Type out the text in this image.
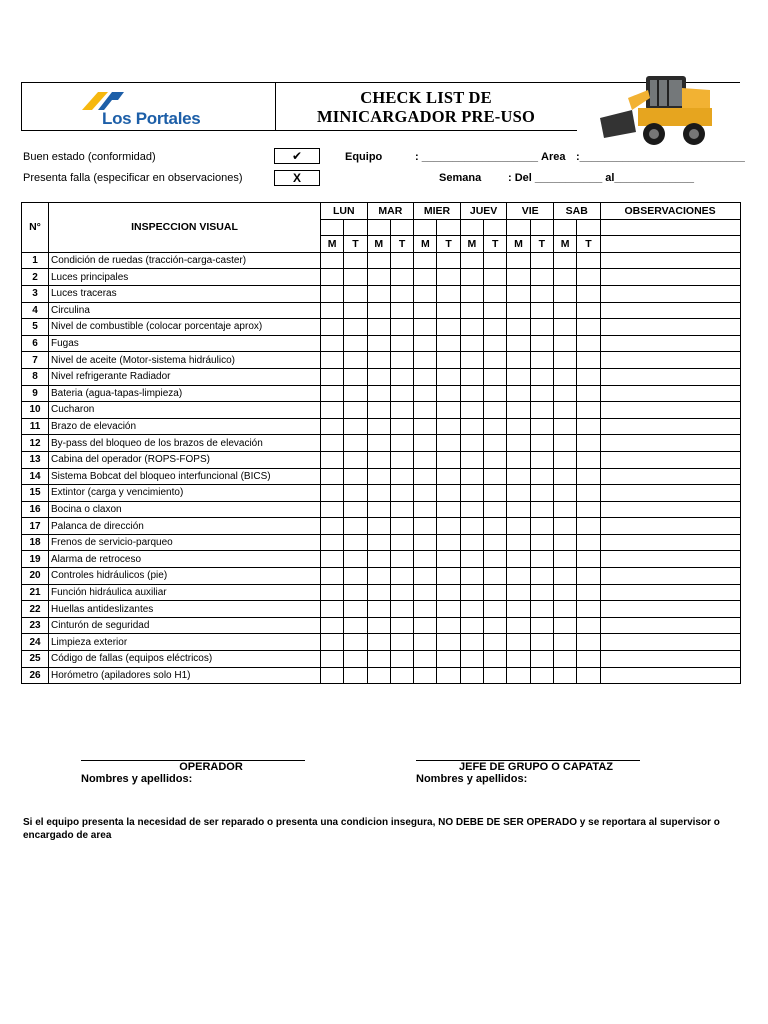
Los Portales
CHECK LIST DE
MINICARGADOR PRE-USO
Buen estado (conformidad)	✔
Presenta falla (especificar en observaciones)	X
Equipo	: ___________________ Area :___________________________
Semana : Del ___________ al_____________
N°	INSPECCION VISUAL	LUN		MAR		MIER		JUEV		VIE		SAB		OBSERVACIONES

		M	T	M	T	M	T	M	T	M	T	M	T	
1	Condición de ruedas (tracción-carga-caster)													
2	Luces principales													
3	Luces traceras													
4	Circulina													
5	Nivel de combustible (colocar porcentaje aprox)													
6	Fugas													
7	Nivel de aceite (Motor-sistema hidráulico)													
8	Nivel refrigerante Radiador													
9	Bateria (agua-tapas-limpieza)													
10	Cucharon													
11	Brazo de elevación													
12	By-pass del bloqueo de los brazos de elevación													
13	Cabina del operador (ROPS-FOPS)													
14	Sistema Bobcat del bloqueo interfuncional (BICS)													
15	Extintor (carga y vencimiento)													
16	Bocina o claxon													
17	Palanca de dirección													
18	Frenos de servicio-parqueo													
19	Alarma de retroceso													
20	Controles hidráulicos (pie)													
21	Función hidráulica auxiliar													
22	Huellas antideslizantes													
23	Cinturón de seguridad													
24	Limpieza exterior													
25	Código de fallas (equipos eléctricos)													
26	Horómetro (apiladores solo H1)													
OPERADOR
Nombres y apellidos:
JEFE DE GRUPO O CAPATAZ
Nombres y apellidos:
Si el equipo presenta la necesidad de ser reparado o presenta una condicion insegura, NO DEBE DE SER OPERADO y se reportara al supervisor o encargado de area
